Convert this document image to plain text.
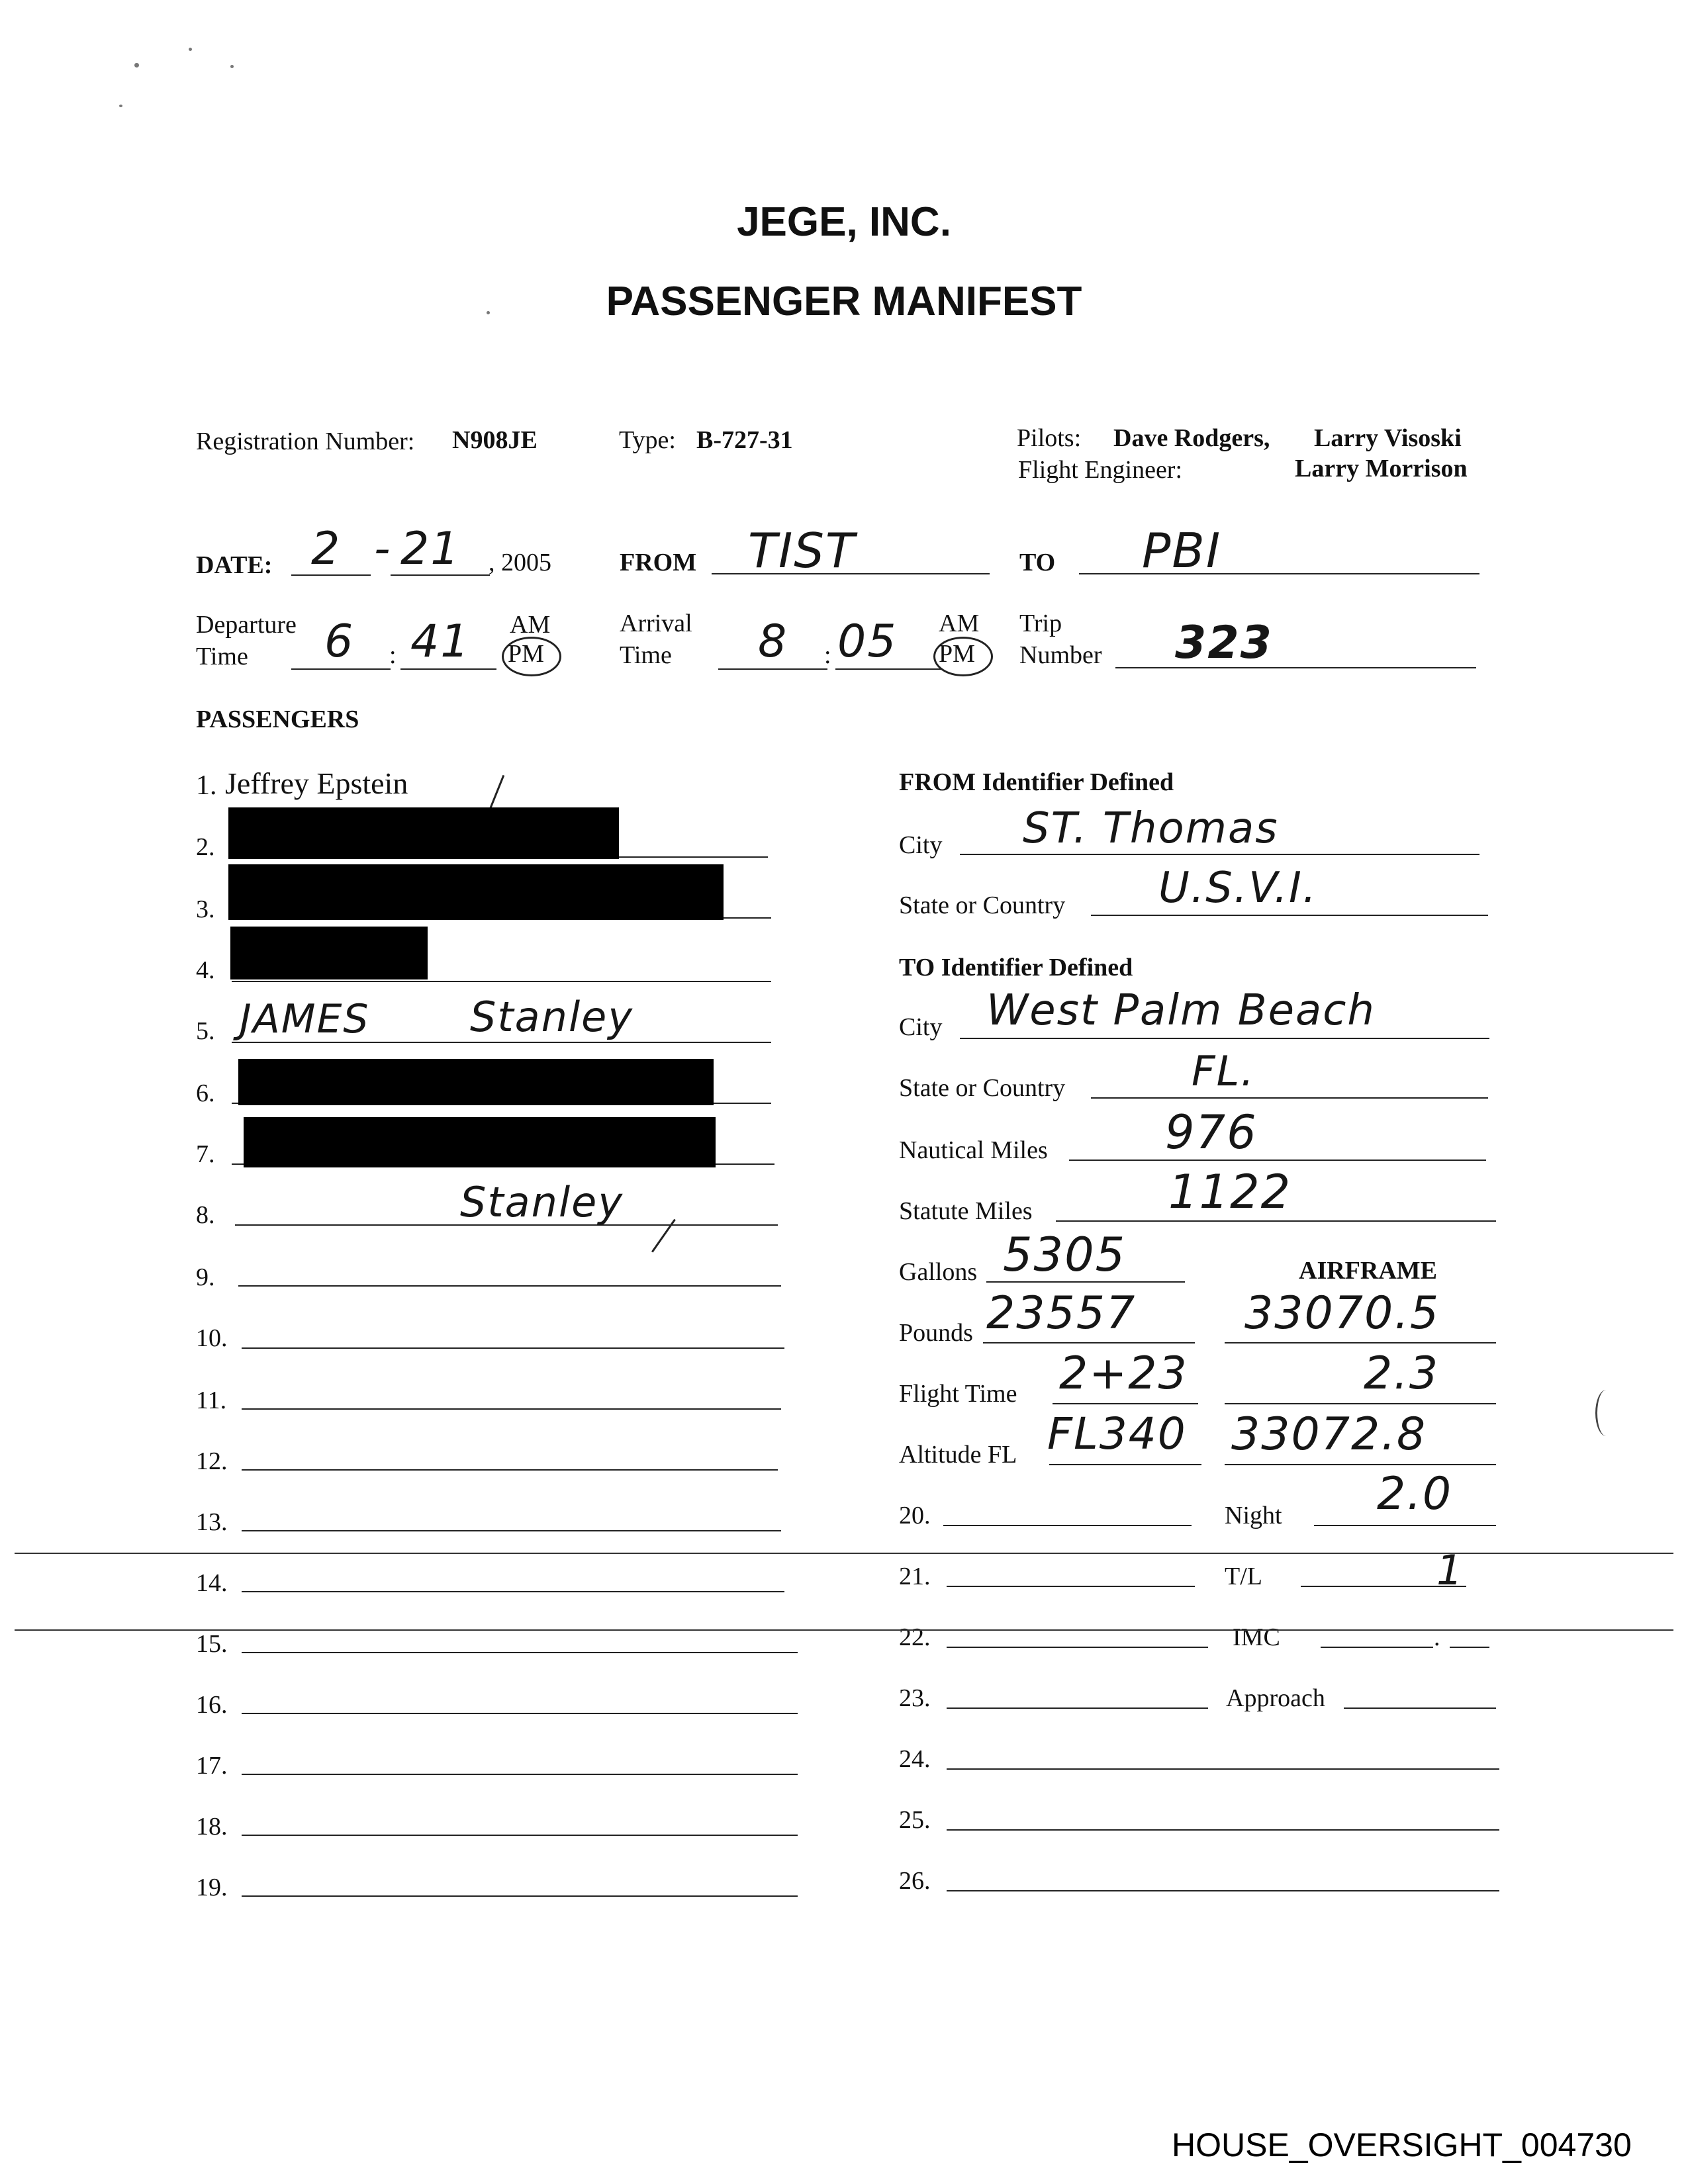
JEGE, INC.
PASSENGER MANIFEST
Registration Number: N908JE	Type: B-727-31	Pilots: Dave Rodgers, Larry Visoski
Flight Engineer:	Larry Morrison
DATE: 2 - 21 , 2005	FROM TIST	TO PBI
Departure
Time 6 : 41 AM
PM
Arrival
Time 8 : 05 AM
PM
Trip
Number 323
PASSENGERS
1. Jeffrey Epstein
2.
3.
4.
5. JAMES Stanley
6.
7.
8.	Stanley
9.
10.
11.
12.
13.
14.
15.
16.
17.
18.
19.
FROM Identifier Defined
City ST. Thomas
State or Country U.S.V.I.
TO Identifier Defined
City West Palm Beach
State or Country	FL.
Nautical Miles	976
Statute Miles	1122
Gallons 5305	AIRFRAME
Pounds 23557 33070.5
Flight Time 2+23	2.3
Altitude FL FL340 33072.8
20.	Night 2.0
21.	T/L	1
22.	IMC	.
23.	Approach
24.
25.
26.
HOUSE_OVERSIGHT_004730
